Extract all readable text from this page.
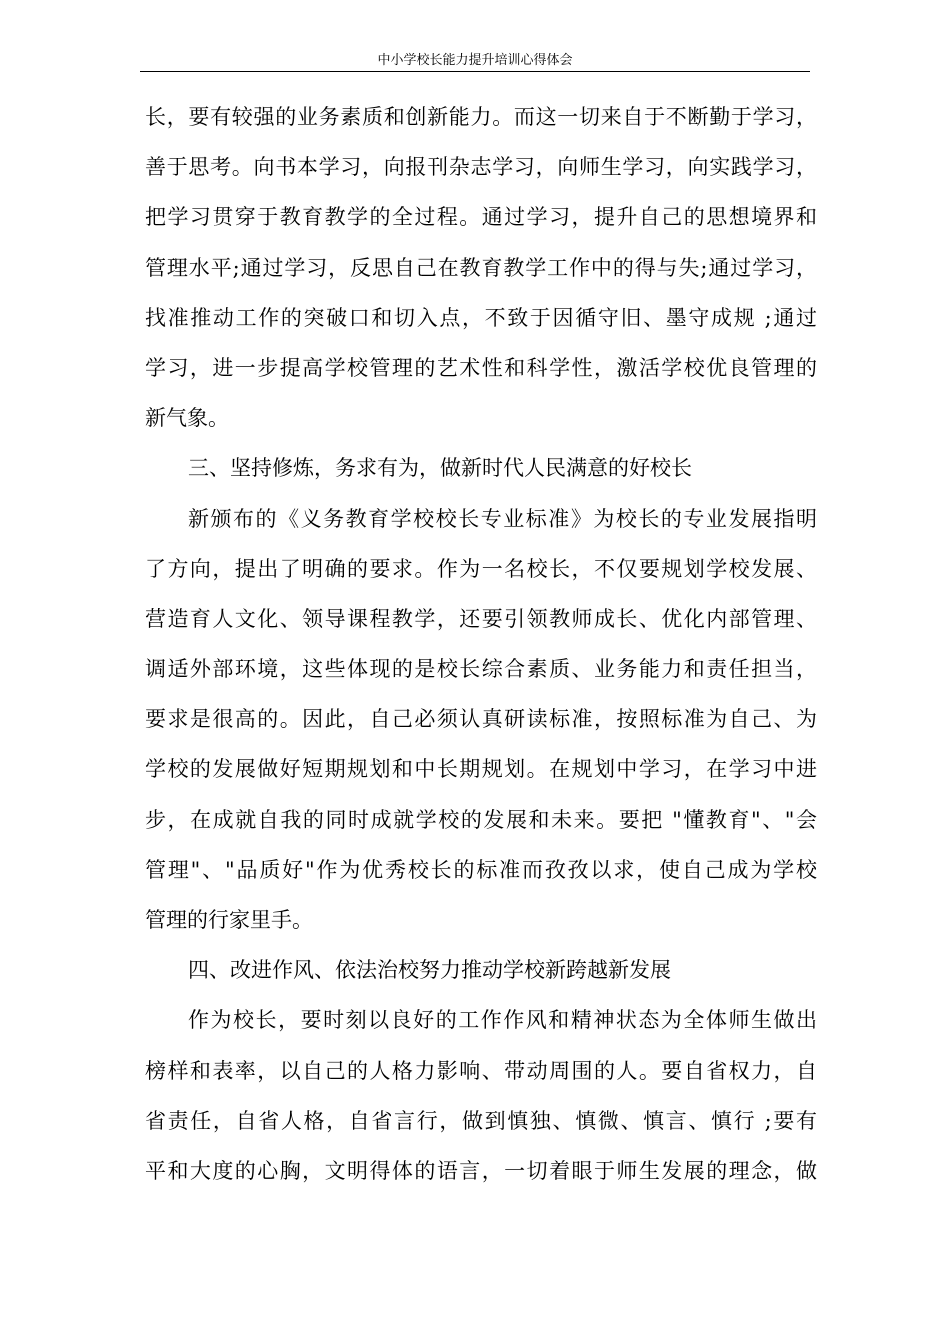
中小学校长能力提升培训心得体会
长，要有较强的业务素质和创新能力。而这一切来自于不断勤于学习，
善于思考。向书本学习，向报刊杂志学习，向师生学习，向实践学习，
把学习贯穿于教育教学的全过程。通过学习，提升自己的思想境界和
管理水平;通过学习，反思自己在教育教学工作中的得与失;通过学习，
找准推动工作的突破口和切入点，不致于因循守旧、墨守成规 ;通过
学习，进一步提高学校管理的艺术性和科学性，激活学校优良管理的
新气象。
三、坚持修炼，务求有为，做新时代人民满意的好校长
新颁布的《义务教育学校校长专业标准》为校长的专业发展指明
了方向，提出了明确的要求。作为一名校长，不仅要规划学校发展、
营造育人文化、领导课程教学，还要引领教师成长、优化内部管理、
调适外部环境，这些体现的是校长综合素质、业务能力和责任担当，
要求是很高的。因此，自己必须认真研读标准，按照标准为自己、为
学校的发展做好短期规划和中长期规划。在规划中学习，在学习中进
步，在成就自我的同时成就学校的发展和未来。要把 "懂教育"、"会
管理"、"品质好"作为优秀校长的标准而孜孜以求，使自己成为学校
管理的行家里手。
四、改进作风、依法治校努力推动学校新跨越新发展
作为校长，要时刻以良好的工作作风和精神状态为全体师生做出
榜样和表率，以自己的人格力影响、带动周围的人。要自省权力，自
省责任，自省人格，自省言行，做到慎独、慎微、慎言、慎行 ;要有
平和大度的心胸，文明得体的语言，一切着眼于师生发展的理念，做
